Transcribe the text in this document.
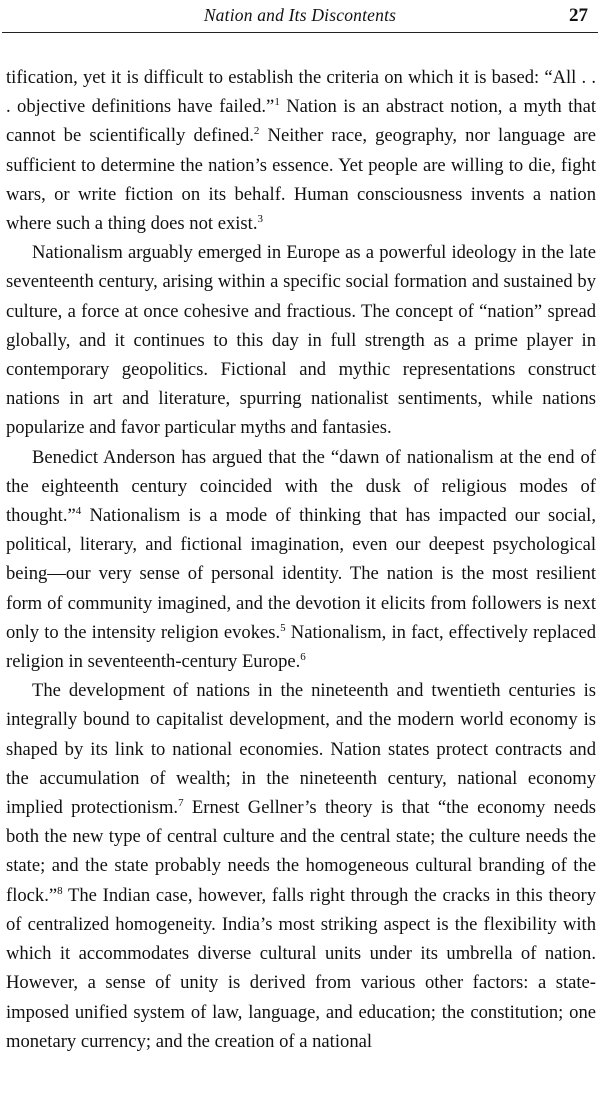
Nation and Its Discontents	27

tification, yet it is difficult to establish the criteria on which it is based: “All . . . objective definitions have failed.”$^1$ Nation is an abstract notion, a myth that cannot be scientifically defined.$^2$ Neither race, geography, nor language are sufficient to determine the nation’s essence. Yet people are willing to die, fight wars, or write fiction on its behalf. Human consciousness invents a nation where such a thing does not exist.$^3$

Nationalism arguably emerged in Europe as a powerful ideology in the late seventeenth century, arising within a specific social formation and sustained by culture, a force at once cohesive and fractious. The concept of “nation” spread globally, and it continues to this day in full strength as a prime player in contemporary geopolitics. Fictional and mythic representations construct nations in art and literature, spurring nationalist sentiments, while nations popularize and favor particular myths and fantasies.

Benedict Anderson has argued that the “dawn of nationalism at the end of the eighteenth century coincided with the dusk of religious modes of thought.”$^4$ Nationalism is a mode of thinking that has impacted our social, political, literary, and fictional imagination, even our deepest psychological being—our very sense of personal identity. The nation is the most resilient form of community imagined, and the devotion it elicits from followers is next only to the intensity religion evokes.$^5$ Nationalism, in fact, effectively replaced religion in seventeenth-century Europe.$^6$

The development of nations in the nineteenth and twentieth centuries is integrally bound to capitalist development, and the modern world economy is shaped by its link to national economies. Nation states protect contracts and the accumulation of wealth; in the nineteenth century, national economy implied protectionism.$^7$ Ernest Gellner’s theory is that “the economy needs both the new type of central culture and the central state; the culture needs the state; and the state probably needs the homogeneous cultural branding of the flock.”$^8$ The Indian case, however, falls right through the cracks in this theory of centralized homogeneity. India’s most striking aspect is the flexibility with which it accommodates diverse cultural units under its umbrella of nation. However, a sense of unity is derived from various other factors: a state-imposed unified system of law, language, and education; the constitution; one monetary currency; and the creation of a national
